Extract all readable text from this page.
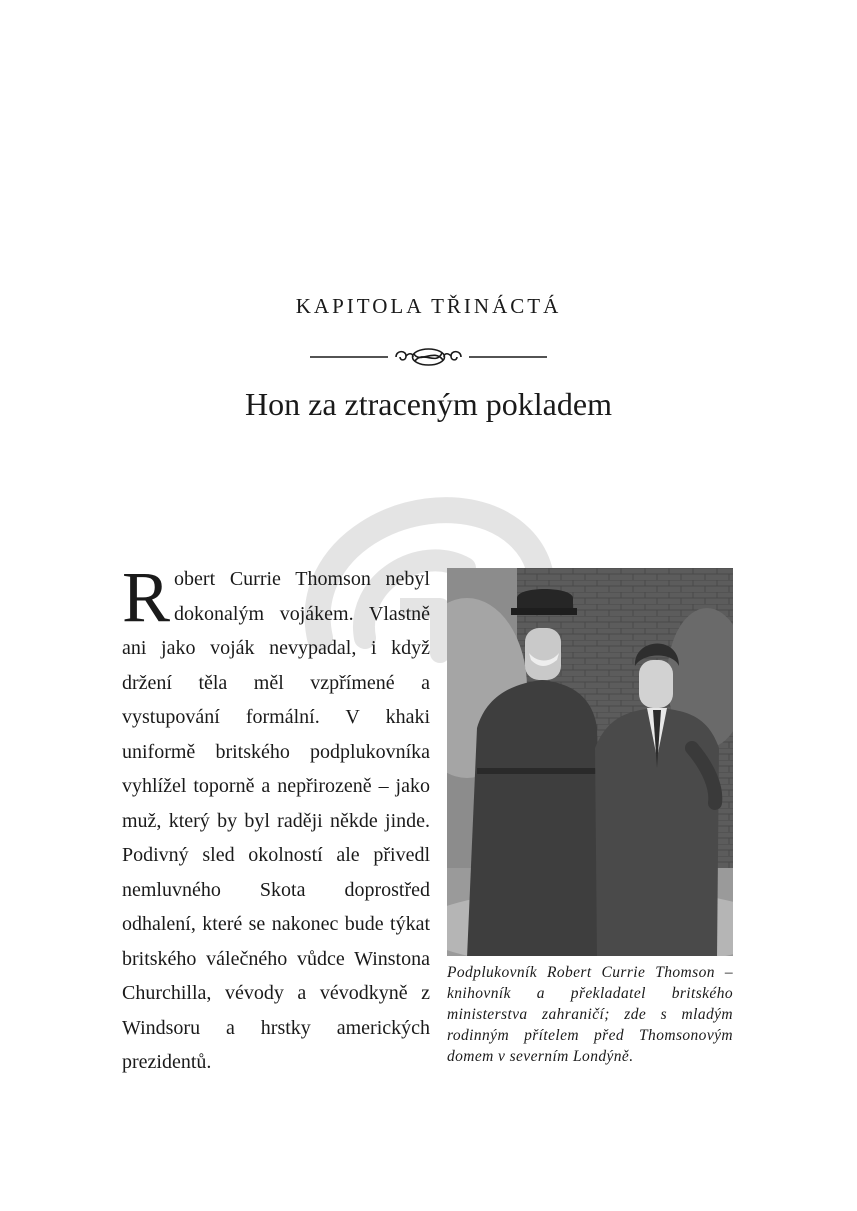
KAPITOLA TŘINÁCTÁ
Hon za ztraceným pokladem
Robert Currie Thomson nebyl dokonalým vojákem. Vlastně ani jako voják nevypadal, i když držení těla měl vzpřímené a vystupování formální. V khaki uniformě britského podplukovníka vyhlížel toporně a nepřirozeně – jako muž, který by byl raději někde jinde. Podivný sled okolností ale přivedl nemluvného Skota doprostřed odhalení, které se nakonec bude týkat britského válečného vůdce Winstona Churchilla, vévody a vévodkyně z Windsoru a hrstky amerických prezidentů.
Podplukovník Robert Currie Thomson – knihovník a překladatel britského ministerstva zahraničí; zde s mladým rodinným přítelem před Thomsonovým domem v severním Londýně.
